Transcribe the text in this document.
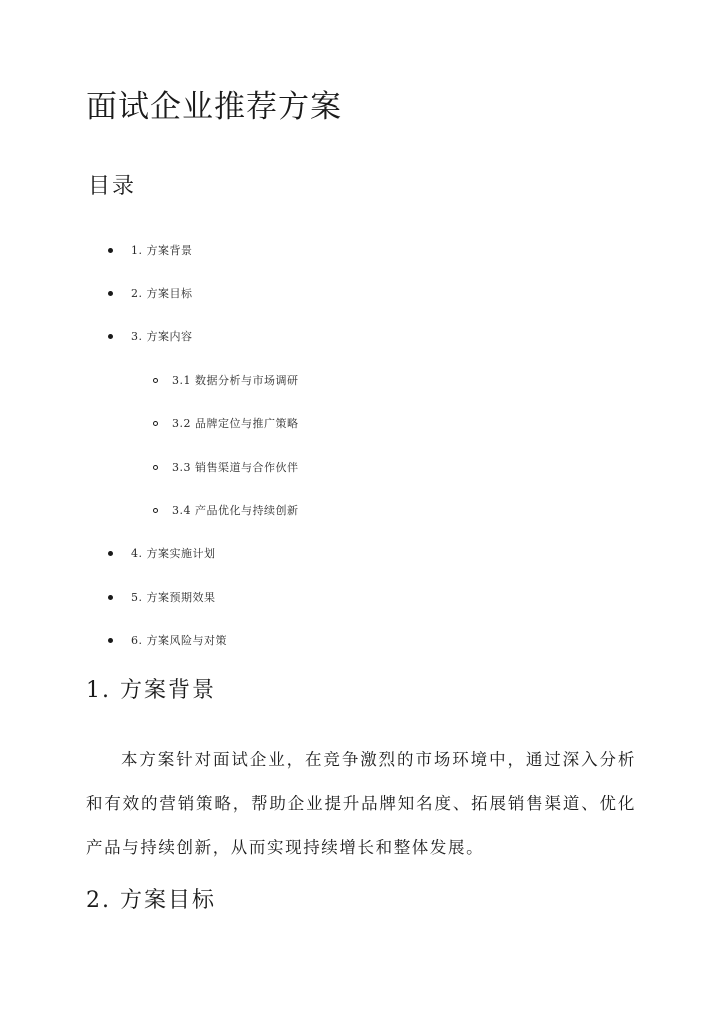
面试企业推荐方案
目录
1. 方案背景
2. 方案目标
3. 方案内容
3.1 数据分析与市场调研
3.2 品牌定位与推广策略
3.3 销售渠道与合作伙伴
3.4 产品优化与持续创新
4. 方案实施计划
5. 方案预期效果
6. 方案风险与对策
1. 方案背景

本方案针对面试企业，在竞争激烈的市场环境中，通过深入分析和有效的营销策略，帮助企业提升品牌知名度、拓展销售渠道、优化产品与持续创新，从而实现持续增长和整体发展。

2. 方案目标
